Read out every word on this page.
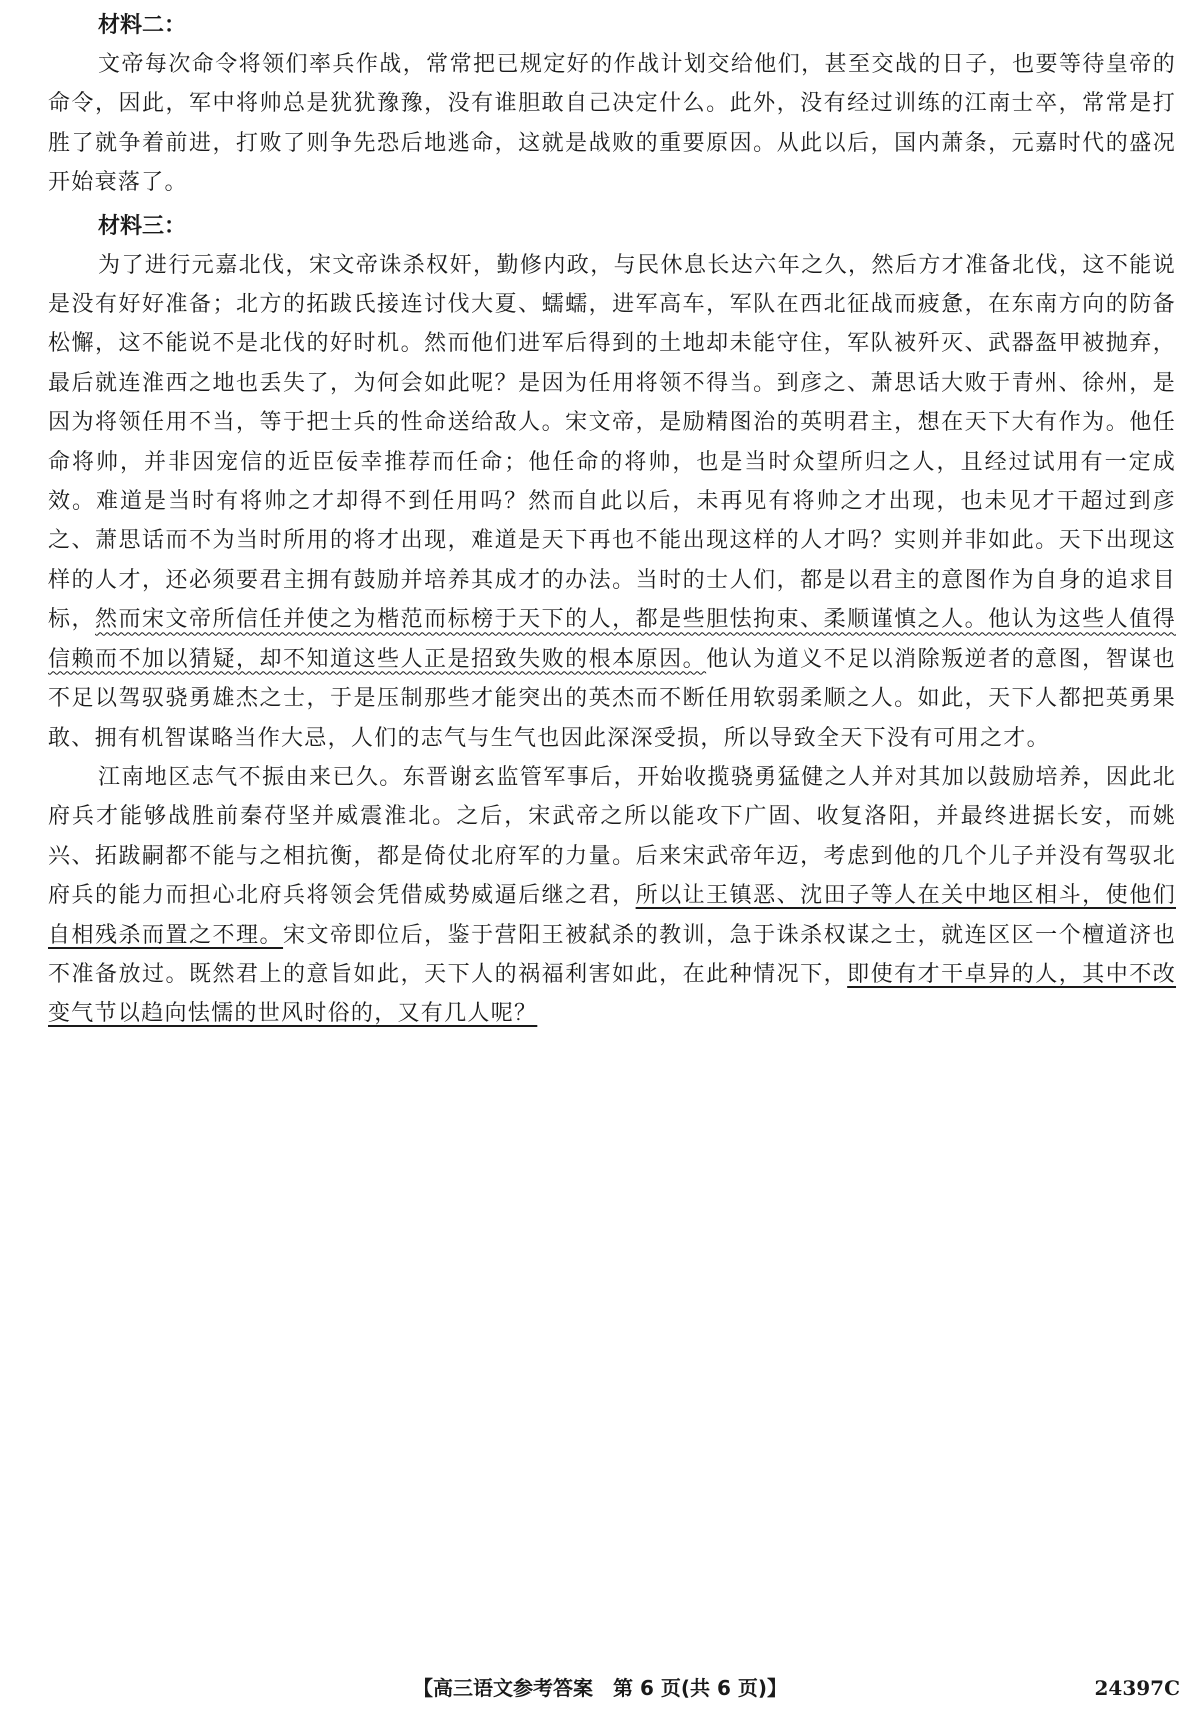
材料二：

文帝每次命令将领们率兵作战，常常把已规定好的作战计划交给他们，甚至交战的日子，也要等待皇帝的命令，因此，军中将帅总是犹犹豫豫，没有谁胆敢自己决定什么。此外，没有经过训练的江南士卒，常常是打胜了就争着前进，打败了则争先恐后地逃命，这就是战败的重要原因。从此以后，国内萧条，元嘉时代的盛况开始衰落了。

材料三：

为了进行元嘉北伐，宋文帝诛杀权奸，勤修内政，与民休息长达六年之久，然后方才准备北伐，这不能说是没有好好准备；北方的拓跋氏接连讨伐大夏、蠕蠕，进军高车，军队在西北征战而疲惫，在东南方向的防备松懈，这不能说不是北伐的好时机。然而他们进军后得到的土地却未能守住，军队被歼灭、武器盔甲被抛弃，最后就连淮西之地也丢失了，为何会如此呢？是因为任用将领不得当。到彦之、萧思话大败于青州、徐州，是因为将领任用不当，等于把士兵的性命送给敌人。宋文帝，是励精图治的英明君主，想在天下大有作为。他任命将帅，并非因宠信的近臣佞幸推荐而任命；他任命的将帅，也是当时众望所归之人，且经过试用有一定成效。难道是当时有将帅之才却得不到任用吗？然而自此以后，未再见有将帅之才出现，也未见才干超过到彦之、萧思话而不为当时所用的将才出现，难道是天下再也不能出现这样的人才吗？实则并非如此。天下出现这样的人才，还必须要君主拥有鼓励并培养其成才的办法。当时的士人们，都是以君主的意图作为自身的追求目标，然而宋文帝所信任并使之为楷范而标榜于天下的人，都是些胆怯拘束、柔顺谨慎之人。他认为这些人值得信赖而不加以猜疑，却不知道这些人正是招致失败的根本原因。他认为道义不足以消除叛逆者的意图，智谋也不足以驾驭骁勇雄杰之士，于是压制那些才能突出的英杰而不断任用软弱柔顺之人。如此，天下人都把英勇果敢、拥有机智谋略当作大忌，人们的志气与生气也因此深深受损，所以导致全天下没有可用之才。

江南地区志气不振由来已久。东晋谢玄监管军事后，开始收揽骁勇猛健之人并对其加以鼓励培养，因此北府兵才能够战胜前秦苻坚并威震淮北。之后，宋武帝之所以能攻下广固、收复洛阳，并最终进据长安，而姚兴、拓跋嗣都不能与之相抗衡，都是倚仗北府军的力量。后来宋武帝年迈，考虑到他的几个儿子并没有驾驭北府兵的能力而担心北府兵将领会凭借威势威逼后继之君，所以让王镇恶、沈田子等人在关中地区相斗，使他们自相残杀而置之不理。宋文帝即位后，鉴于营阳王被弑杀的教训，急于诛杀权谋之士，就连区区一个檀道济也不准备放过。既然君上的意旨如此，天下人的祸福利害如此，在此种情况下，即使有才干卓异的人，其中不改变气节以趋向怯懦的世风时俗的，又有几人呢？

【高三语文参考答案　第 6 页(共 6 页)】	24397C
